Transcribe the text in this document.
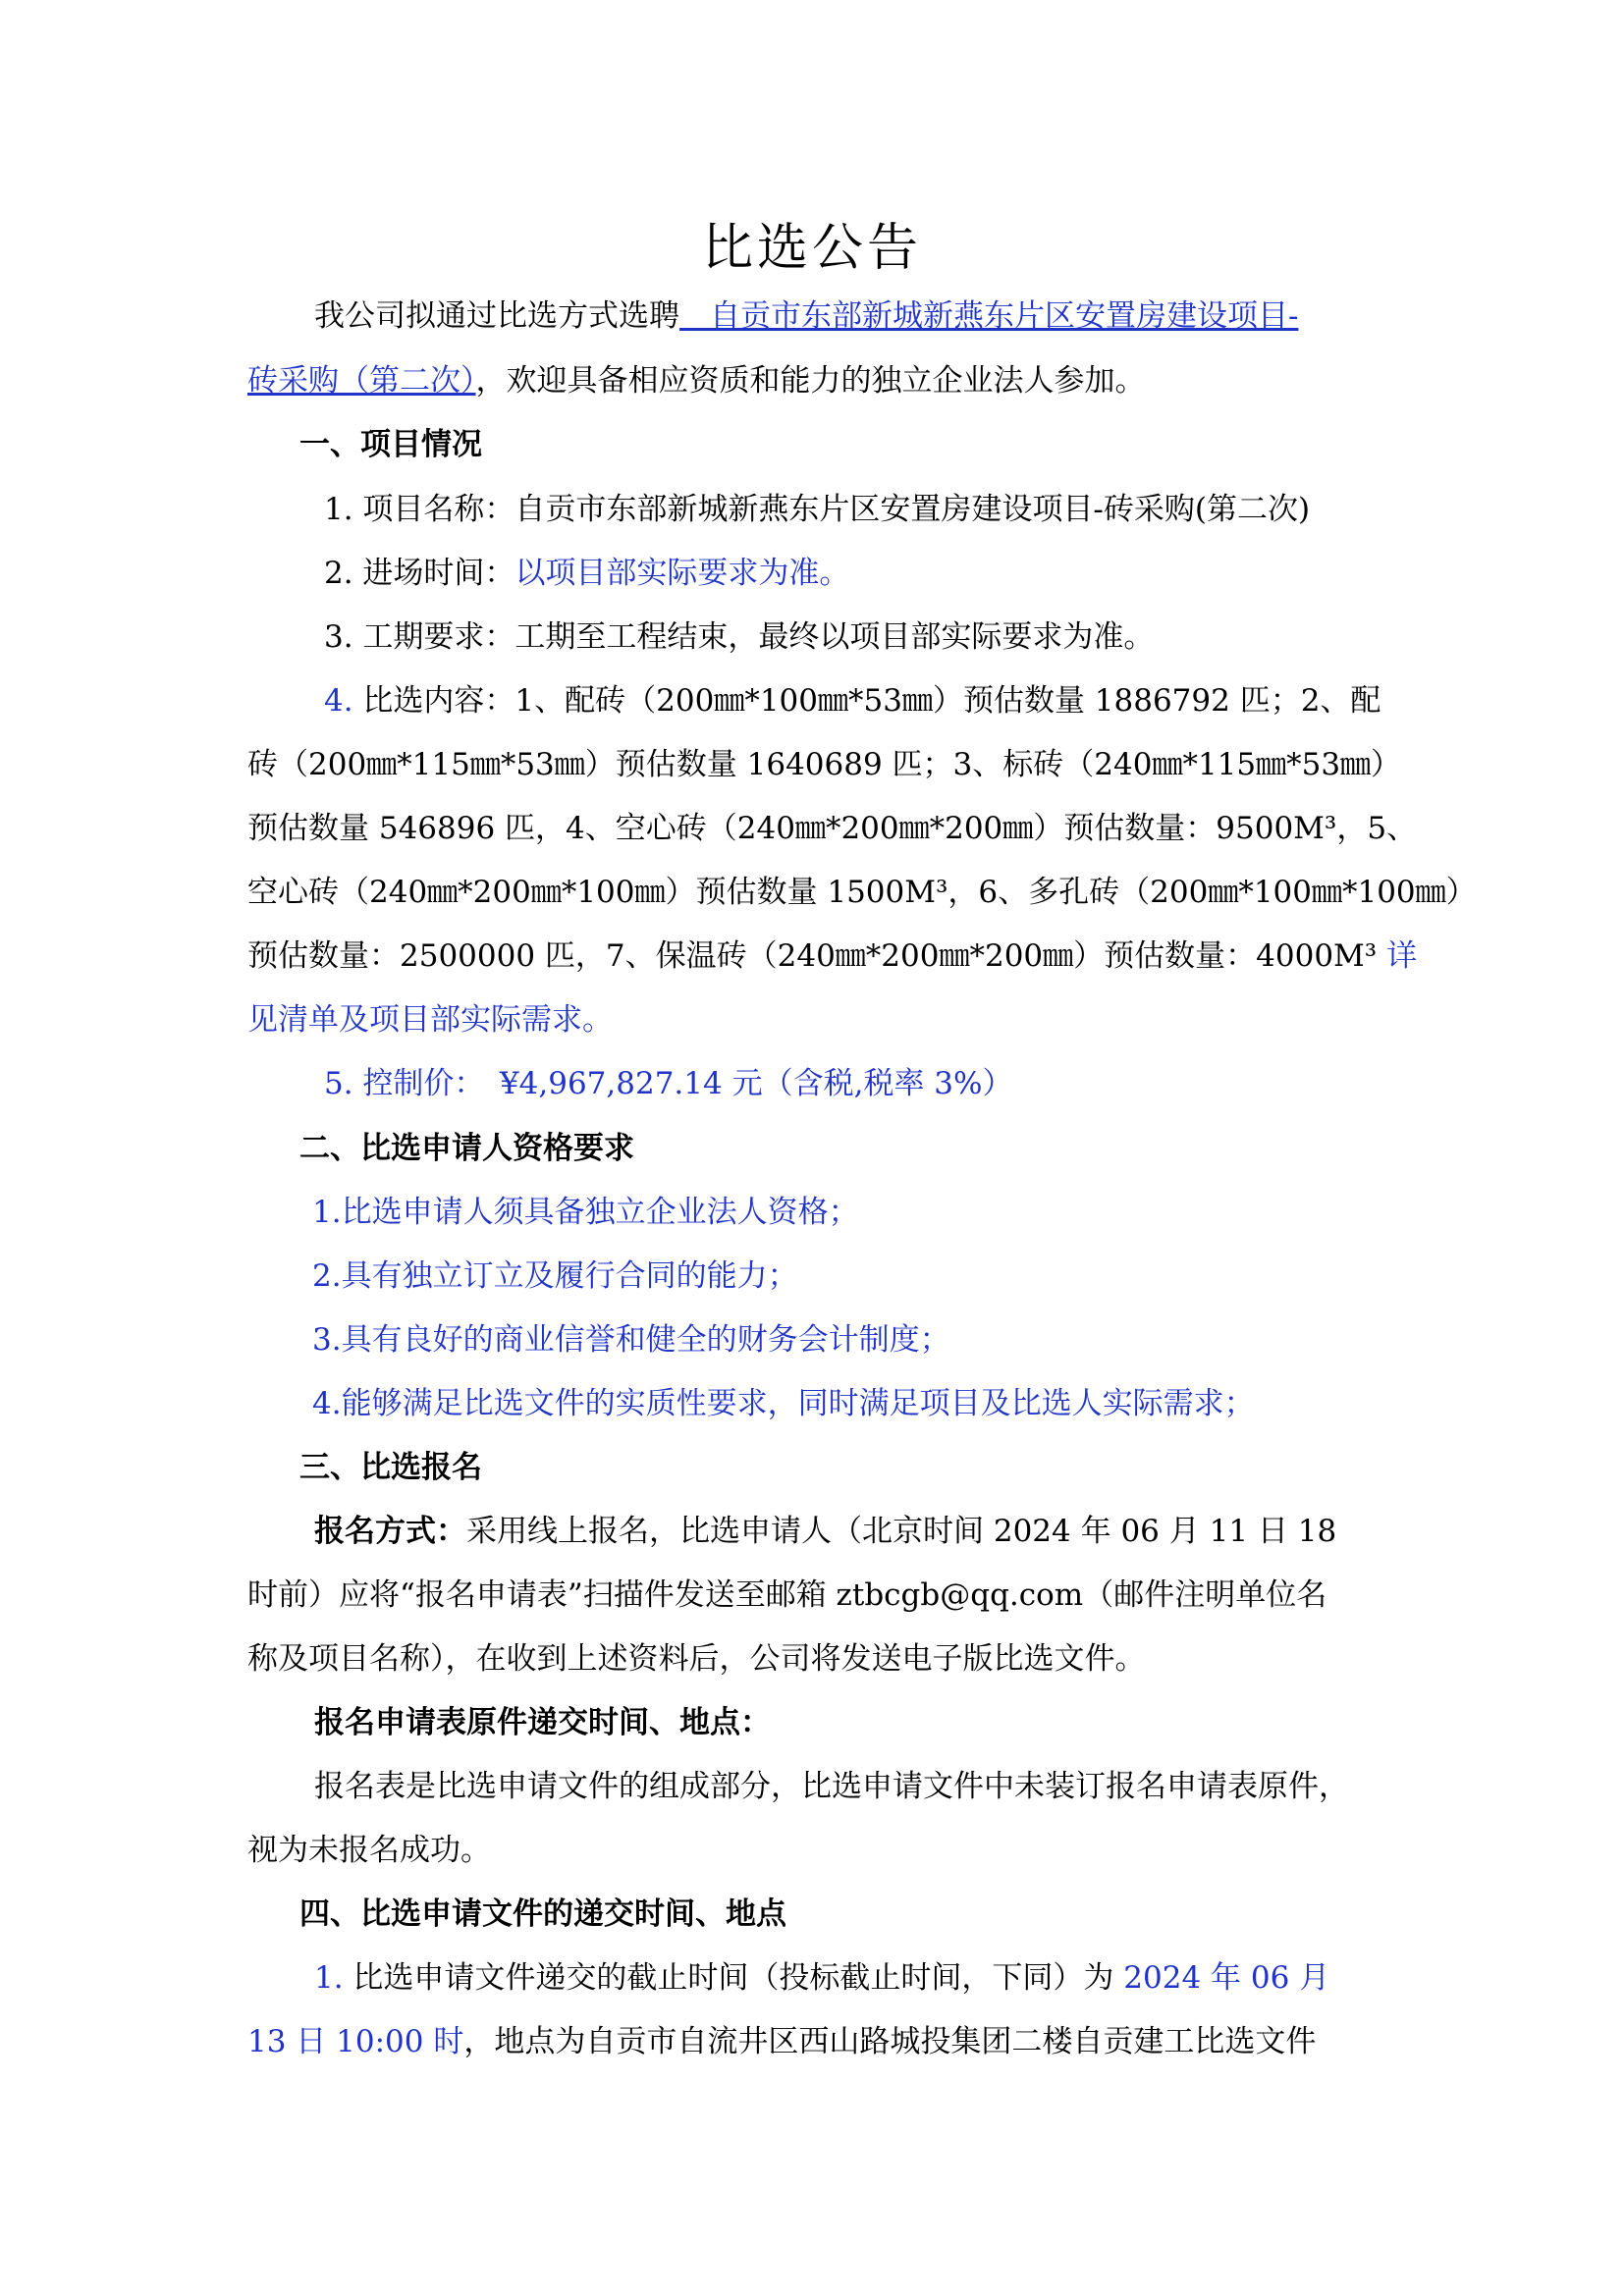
比选公告
我公司拟通过比选方式选聘　自贡市东部新城新燕东片区安置房建设项目-
砖采购（第二次），欢迎具备相应资质和能力的独立企业法人参加。
一、项目情况
1. 项目名称：自贡市东部新城新燕东片区安置房建设项目-砖采购(第二次)
2. 进场时间：以项目部实际要求为准。
3. 工期要求：工期至工程结束，最终以项目部实际要求为准。
4. 比选内容：1、配砖（200㎜*100㎜*53㎜）预估数量 1886792 匹；2、配
砖（200㎜*115㎜*53㎜）预估数量 1640689 匹；3、标砖（240㎜*115㎜*53㎜）
预估数量 546896 匹，4、空心砖（240㎜*200㎜*200㎜）预估数量：9500M³，5、
空心砖（240㎜*200㎜*100㎜）预估数量 1500M³，6、多孔砖（200㎜*100㎜*100㎜）
预估数量：2500000 匹，7、保温砖（240㎜*200㎜*200㎜）预估数量：4000M³ 详
见清单及项目部实际需求。
5. 控制价：　¥4,967,827.14 元（含税,税率 3%）
二、比选申请人资格要求
1.比选申请人须具备独立企业法人资格；
2.具有独立订立及履行合同的能力；
3.具有良好的商业信誉和健全的财务会计制度；
4.能够满足比选文件的实质性要求，同时满足项目及比选人实际需求；
三、比选报名
报名方式：采用线上报名，比选申请人（北京时间 2024 年 06 月 11 日 18
时前）应将“报名申请表”扫描件发送至邮箱 ztbcgb@qq.com（邮件注明单位名
称及项目名称），在收到上述资料后，公司将发送电子版比选文件。
报名申请表原件递交时间、地点：
报名表是比选申请文件的组成部分，比选申请文件中未装订报名申请表原件，
视为未报名成功。
四、比选申请文件的递交时间、地点
1. 比选申请文件递交的截止时间（投标截止时间，下同）为 2024 年 06 月
13 日 10:00 时，地点为自贡市自流井区西山路城投集团二楼自贡建工比选文件
